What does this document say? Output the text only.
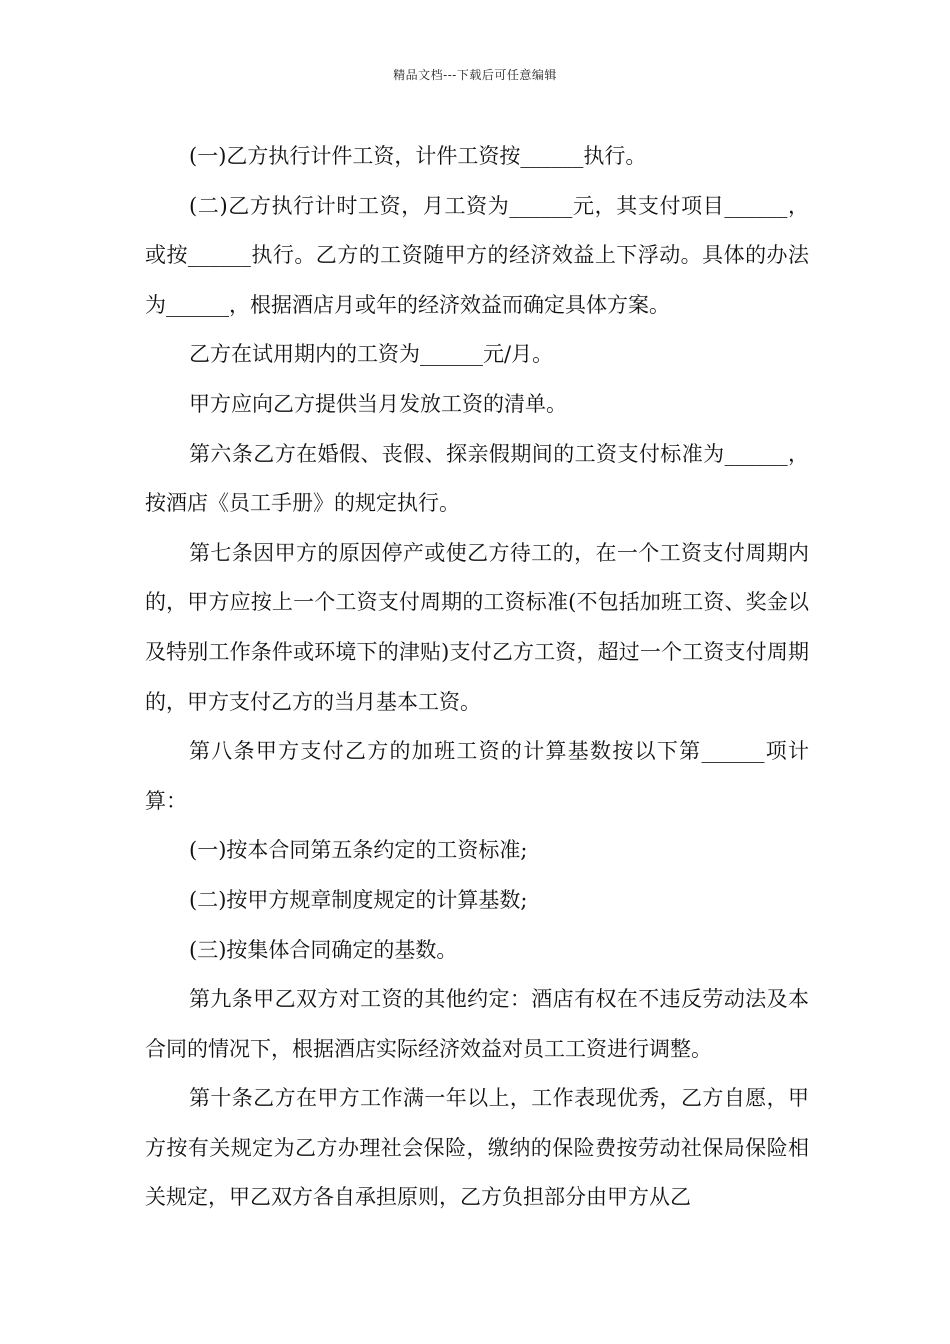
精品文档---下载后可任意编辑

(一)乙方执行计件工资，计件工资按______执行。

(二)乙方执行计时工资，月工资为______元，其支付项目______，或按______执行。乙方的工资随甲方的经济效益上下浮动。具体的办法为______，根据酒店月或年的经济效益而确定具体方案。

乙方在试用期内的工资为______元/月。

甲方应向乙方提供当月发放工资的清单。

第六条乙方在婚假、丧假、探亲假期间的工资支付标准为______，按酒店《员工手册》的规定执行。

第七条因甲方的原因停产或使乙方待工的，在一个工资支付周期内的，甲方应按上一个工资支付周期的工资标准(不包括加班工资、奖金以及特别工作条件或环境下的津贴)支付乙方工资，超过一个工资支付周期的，甲方支付乙方的当月基本工资。

第八条甲方支付乙方的加班工资的计算基数按以下第______项计算：

(一)按本合同第五条约定的工资标准;

(二)按甲方规章制度规定的计算基数;

(三)按集体合同确定的基数。

第九条甲乙双方对工资的其他约定：酒店有权在不违反劳动法及本合同的情况下，根据酒店实际经济效益对员工工资进行调整。

第十条乙方在甲方工作满一年以上，工作表现优秀，乙方自愿，甲方按有关规定为乙方办理社会保险，缴纳的保险费按劳动社保局保险相关规定，甲乙双方各自承担原则，乙方负担部分由甲方从乙
